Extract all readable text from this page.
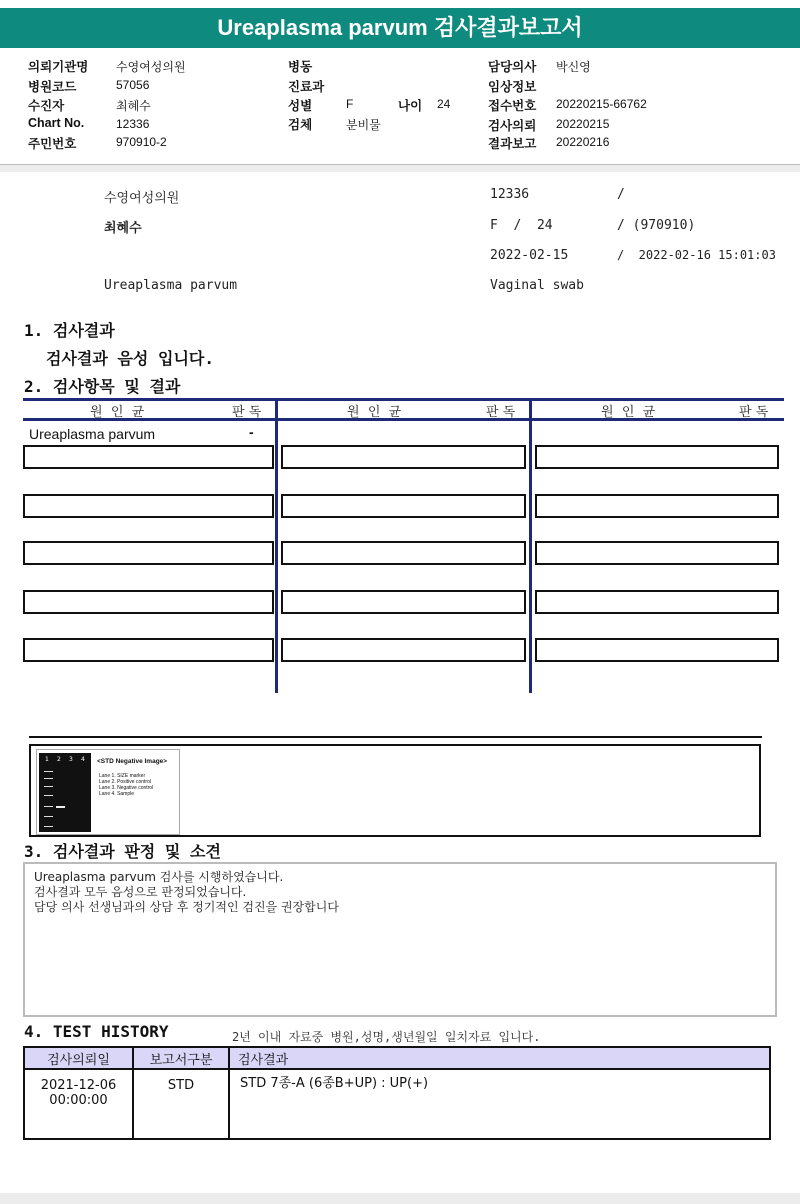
Ureaplasma parvum 검사결과보고서
의뢰기관명 수영여성의원
병원코드	57056
수진자	최혜수
Chart No.	12336
주민번호	970910-2
병동
진료과
성별	F	나이 24
검체	분비물
담당의사 박신영
임상정보
접수번호 20220215-66762
검사의뢰 20220215
결과보고 20220216
수영여성의원	12336	/
최혜수	F  /  24	/ (970910)
2022-02-15	/  2022-02-16 15:01:03
Ureaplasma parvum	Vaginal swab
1. 검사결과
검사결과 음성 입니다.
2. 검사항목 및 결과
원  인  균	판 독	원  인  균	판 독	원  인  균	판 독
Ureaplasma parvum	-
1 2 3 4 <STD Negative Image>
Lane 1. SIZE marker
Lane 2. Positive control
Lane 3. Negative control
Lane 4. Sample
3. 검사결과 판정 및 소견
Ureaplasma parvum 검사를 시행하였습니다.
검사결과 모두 음성으로 판정되었습니다.
담당 의사 선생님과의 상담 후 정기적인 검진을 권장합니다
4. TEST HISTORY	2년 이내 자료중 병원,성명,생년월일 일치자료 입니다.
검사의뢰일	보고서구분	검사결과

2021-12-06
00:00:00	STD	STD 7종-A (6종B+UP) : UP(+)
